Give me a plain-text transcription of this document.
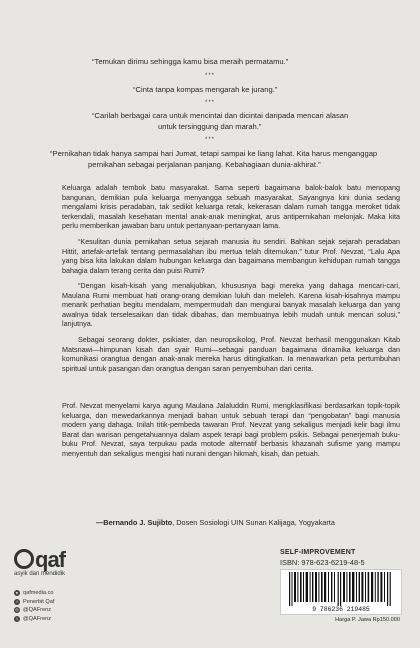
“Temukan dirimu sehingga kamu bisa meraih permatamu.”
***
“Cinta tanpa kompas mengarah ke jurang.”
***
“Carilah berbagai cara untuk mencintai dan dicintai daripada mencari alasan
untuk tersinggung dan marah.”
***
“Pernikahan tidak hanya sampai hari Jumat, tetapi sampai ke liang lahat. Kita harus menganggap
pernikahan sebagai perjalanan panjang. Kebahagiaan dunia-akhirat.”

Keluarga adalah tembok batu masyarakat. Sama seperti bagaimana balok-balok batu menopang bangunan, demikian pula keluarga menyangga sebuah masyarakat. Sayangnya kini dunia sedang mengalami krisis peradaban, tak sedikit keluarga retak, kekerasan dalam rumah tangga meroket tidak terkendali, masalah kesehatan mental anak-anak meningkat, arus antipernikahan melonjak. Maka kita perlu memberikan jawaban baru untuk pertanyaan-pertanyaan lama.

“Kesulitan dunia pernikahan setua sejarah manusia itu sendiri. Bahkan sejak sejarah peradaban Hittit, artefak-artefak tentang permasalahan ibu mertua telah ditemukan.” tutur Prof. Nevzat, “Lalu Apa yang bisa kita lakukan dalam hubungan keluarga dan bagaimana membangun kehidupan rumah tangga bahagia dalam terang cerita dan puisi Rumi?

“Dengan kisah-kisah yang menakjubkan, khususnya bagi mereka yang dahaga mencari-cari, Maulana Rumi membuat hati orang-orang demikian luluh dan meleleh. Karena kisah-kisahnya mampu menarik perhatian begitu mendalam, mempermudah dan mengurai banyak masalah keluarga dan yang awalnya tidak terselesaikan dan tidak dibahas, dan membuatnya lebih mudah untuk mencari solusi,” lanjutnya.

Sebagai seorang dokter, psikiater, dan neuropsikolog, Prof. Nevzat berhasil menggunakan Kitab Matsnawi—himpunan kisah dan syair Rumi—sebagai panduan bagaimana dinamika keluarga dan komunikasi orangtua dengan anak-anak mereka harus ditingkatkan. Ia menawarkan peta pertumbuhan spiritual untuk pasangan dan orangtua dengan saran penyembuhan dari cerita.

Prof. Nevzat menyelami karya agung Maulana Jalaluddin Rumi, mengklasifikasi berdasarkan topik-topik keluarga, dan mewedarkannya menjadi bahan untuk sebuah terapi dan “pengobatan” bagi manusia modern yang dahaga. Inilah titik-pembeda tawaran Prof. Nevzat yang sekaligus menjadi kelir bagi ilmu Barat dan warisan pengetahuannya dalam aspek terapi bagi problem psikis. Sebagai penerjemah buku-buku Prof. Nevzat, saya terpukau pada motode alternatif berbasis khazanah sufisme yang mampu menyentuh dan sekaligus mengisi hati nurani dengan hikmah, kisah, dan petuah.

—Bernando J. Sujibto, Dosen Sosiologi UIN Sunan Kalijaga, Yogyakarta
qaf
asyik dan mendidik
● qafmedia.co
f Penerbit Qaf
◎ @QAFrenz
t @QAFrenz
SELF-IMPROVEMENT
ISBN: 978-623-6219-48-5
9 786236 219485
Harga P. Jawa Rp150.000
